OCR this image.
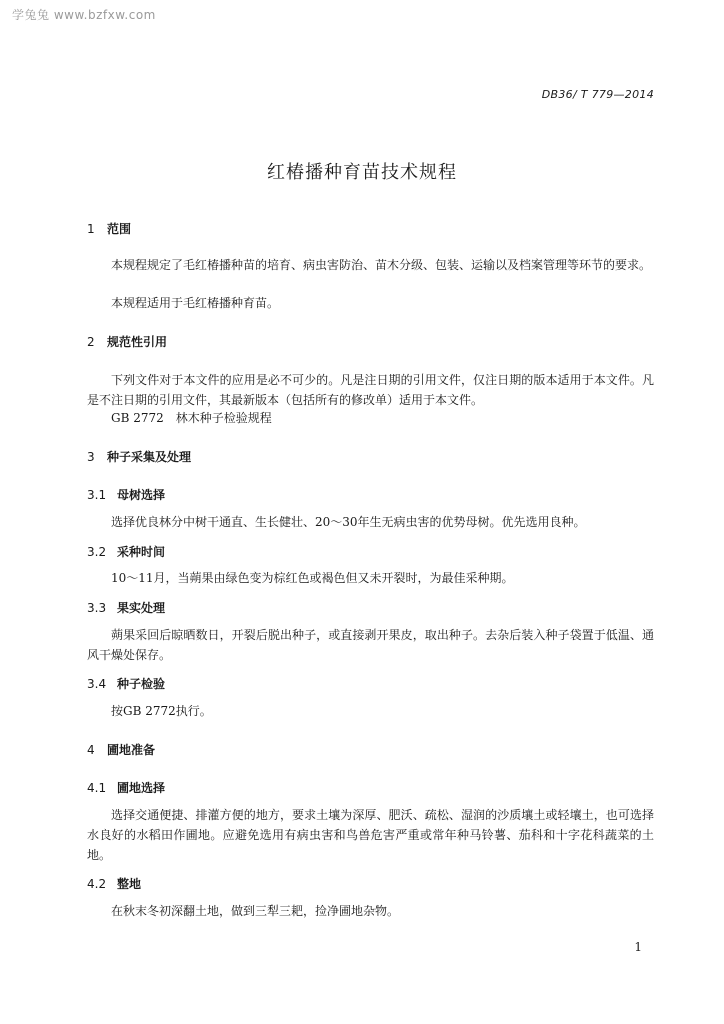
学兔兔 www.bzfxw.com
DB36/ T 779—2014
红椿播种育苗技术规程
1 范围
本规程规定了毛红椿播种苗的培育、病虫害防治、苗木分级、包装、运输以及档案管理等环节的要求。
本规程适用于毛红椿播种育苗。
2 规范性引用
下列文件对于本文件的应用是必不可少的。凡是注日期的引用文件，仅注日期的版本适用于本文件。凡是不注日期的引用文件，其最新版本（包括所有的修改单）适用于本文件。
GB 2772　林木种子检验规程
3 种子采集及处理
3.1 母树选择
选择优良林分中树干通直、生长健壮、20～30年生无病虫害的优势母树。优先选用良种。
3.2 采种时间
10～11月，当蒴果由绿色变为棕红色或褐色但又未开裂时，为最佳采种期。
3.3 果实处理
蒴果采回后晾晒数日，开裂后脱出种子，或直接剥开果皮，取出种子。去杂后装入种子袋置于低温、通风干燥处保存。
3.4 种子检验
按GB 2772执行。
4 圃地准备
4.1 圃地选择
选择交通便捷、排灌方便的地方，要求土壤为深厚、肥沃、疏松、湿润的沙质壤土或轻壤土，也可选择水良好的水稻田作圃地。应避免选用有病虫害和鸟兽危害严重或常年种马铃薯、茄科和十字花科蔬菜的土地。
4.2 整地
在秋末冬初深翻土地，做到三犁三耙，捡净圃地杂物。
1
